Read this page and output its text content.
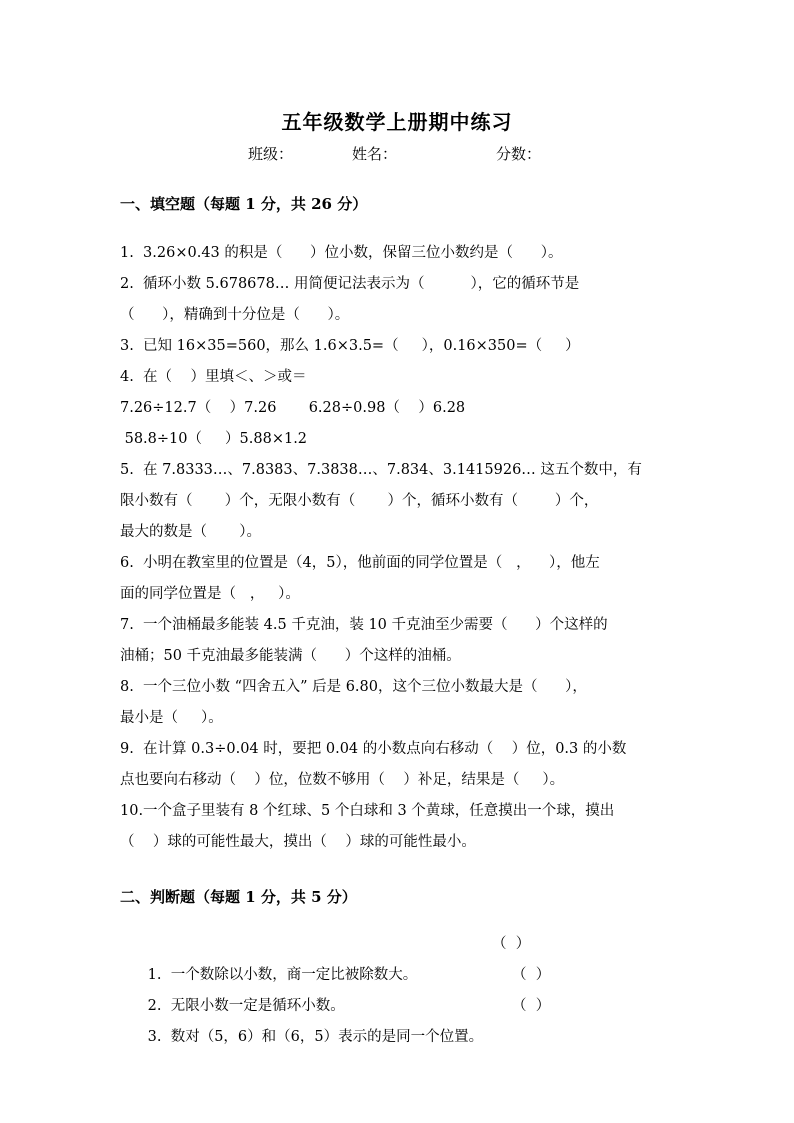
五年级数学上册期中练习
班级：	姓名：	分数：
一、填空题（每题 1 分，共 26 分）
1.  3.26×0.43 的积是（      ）位小数，保留三位小数约是（      ）。
2.  循环小数 5.678678… 用简便记法表示为（          ），它的循环节是
（      ），精确到十分位是（      ）。
3.  已知 16×35=560，那么 1.6×3.5=（     ），0.16×350=（     ）
4.  在（    ）里填＜、＞或＝
7.26÷12.7（    ）7.26       6.28÷0.98（    ）6.28
58.8÷10（     ）5.88×1.2
5.  在 7.8333…、7.8383、7.3838…、7.834、3.1415926… 这五个数中，有
限小数有（       ）个，无限小数有（       ）个，循环小数有（        ）个，
最大的数是（       ）。
6.  小明在教室里的位置是（4，5），他前面的同学位置是（   ，    ），他左
面的同学位置是（   ，   ）。
7.  一个油桶最多能装 4.5 千克油，装 10 千克油至少需要（      ）个这样的
油桶；50 千克油最多能装满（      ）个这样的油桶。
8.  一个三位小数 “四舍五入” 后是 6.80，这个三位小数最大是（      ），
最小是（     ）。
9.  在计算 0.3÷0.04 时，要把 0.04 的小数点向右移动（    ）位，0.3 的小数
点也要向右移动（    ）位，位数不够用（    ）补足，结果是（     ）。
10.一个盒子里装有 8 个红球、5 个白球和 3 个黄球，任意摸出一个球，摸出
（    ）球的可能性最大，摸出（    ）球的可能性最小。
二、判断题（每题 1 分，共 5 分）

1.  一个数除以小数，商一定比被除数大。

（  ）

2.  无限小数一定是循环小数。

（  ）

3.  数对（5，6）和（6，5）表示的是同一个位置。

（  ）
